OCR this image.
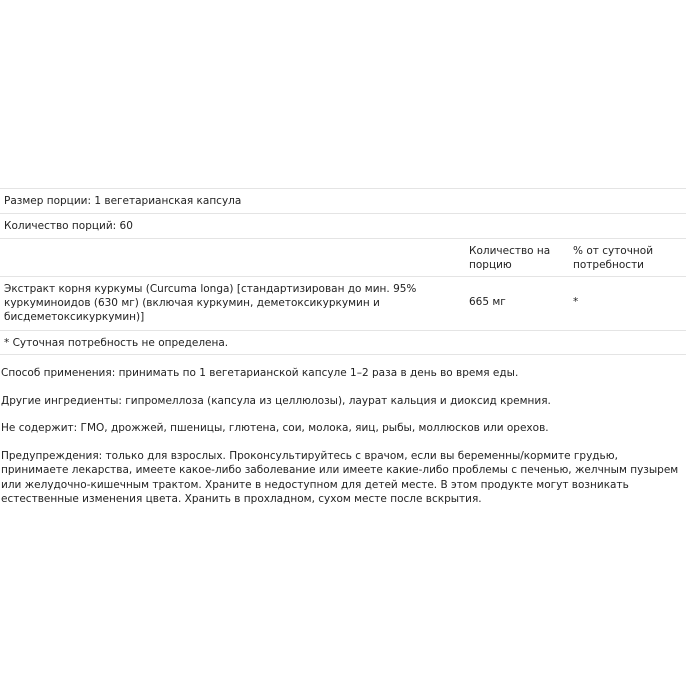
Размер порции: 1 вегетарианская капсула
Количество порций: 60
Количество на порцию
% от суточной потребности
Экстракт корня куркумы (Curcuma longa) [стандартизирован до мин. 95% куркуминоидов (630 мг) (включая куркумин, деметоксикуркумин и бисдеметоксикуркумин)]
665 мг	*
* Суточная потребность не определена.

Способ применения: принимать по 1 вегетарианской капсуле 1–2 раза в день во время еды.

Другие ингредиенты: гипромеллоза (капсула из целлюлозы), лаурат кальция и диоксид кремния.

Не содержит: ГМО, дрожжей, пшеницы, глютена, сои, молока, яиц, рыбы, моллюсков или орехов.

Предупреждения: только для взрослых. Проконсультируйтесь с врачом, если вы беременны/кормите грудью, принимаете лекарства, имеете какое-либо заболевание или имеете какие-либо проблемы с печенью, желчным пузырем или желудочно-кишечным трактом. Храните в недоступном для детей месте. В этом продукте могут возникать естественные изменения цвета. Хранить в прохладном, сухом месте после вскрытия.
